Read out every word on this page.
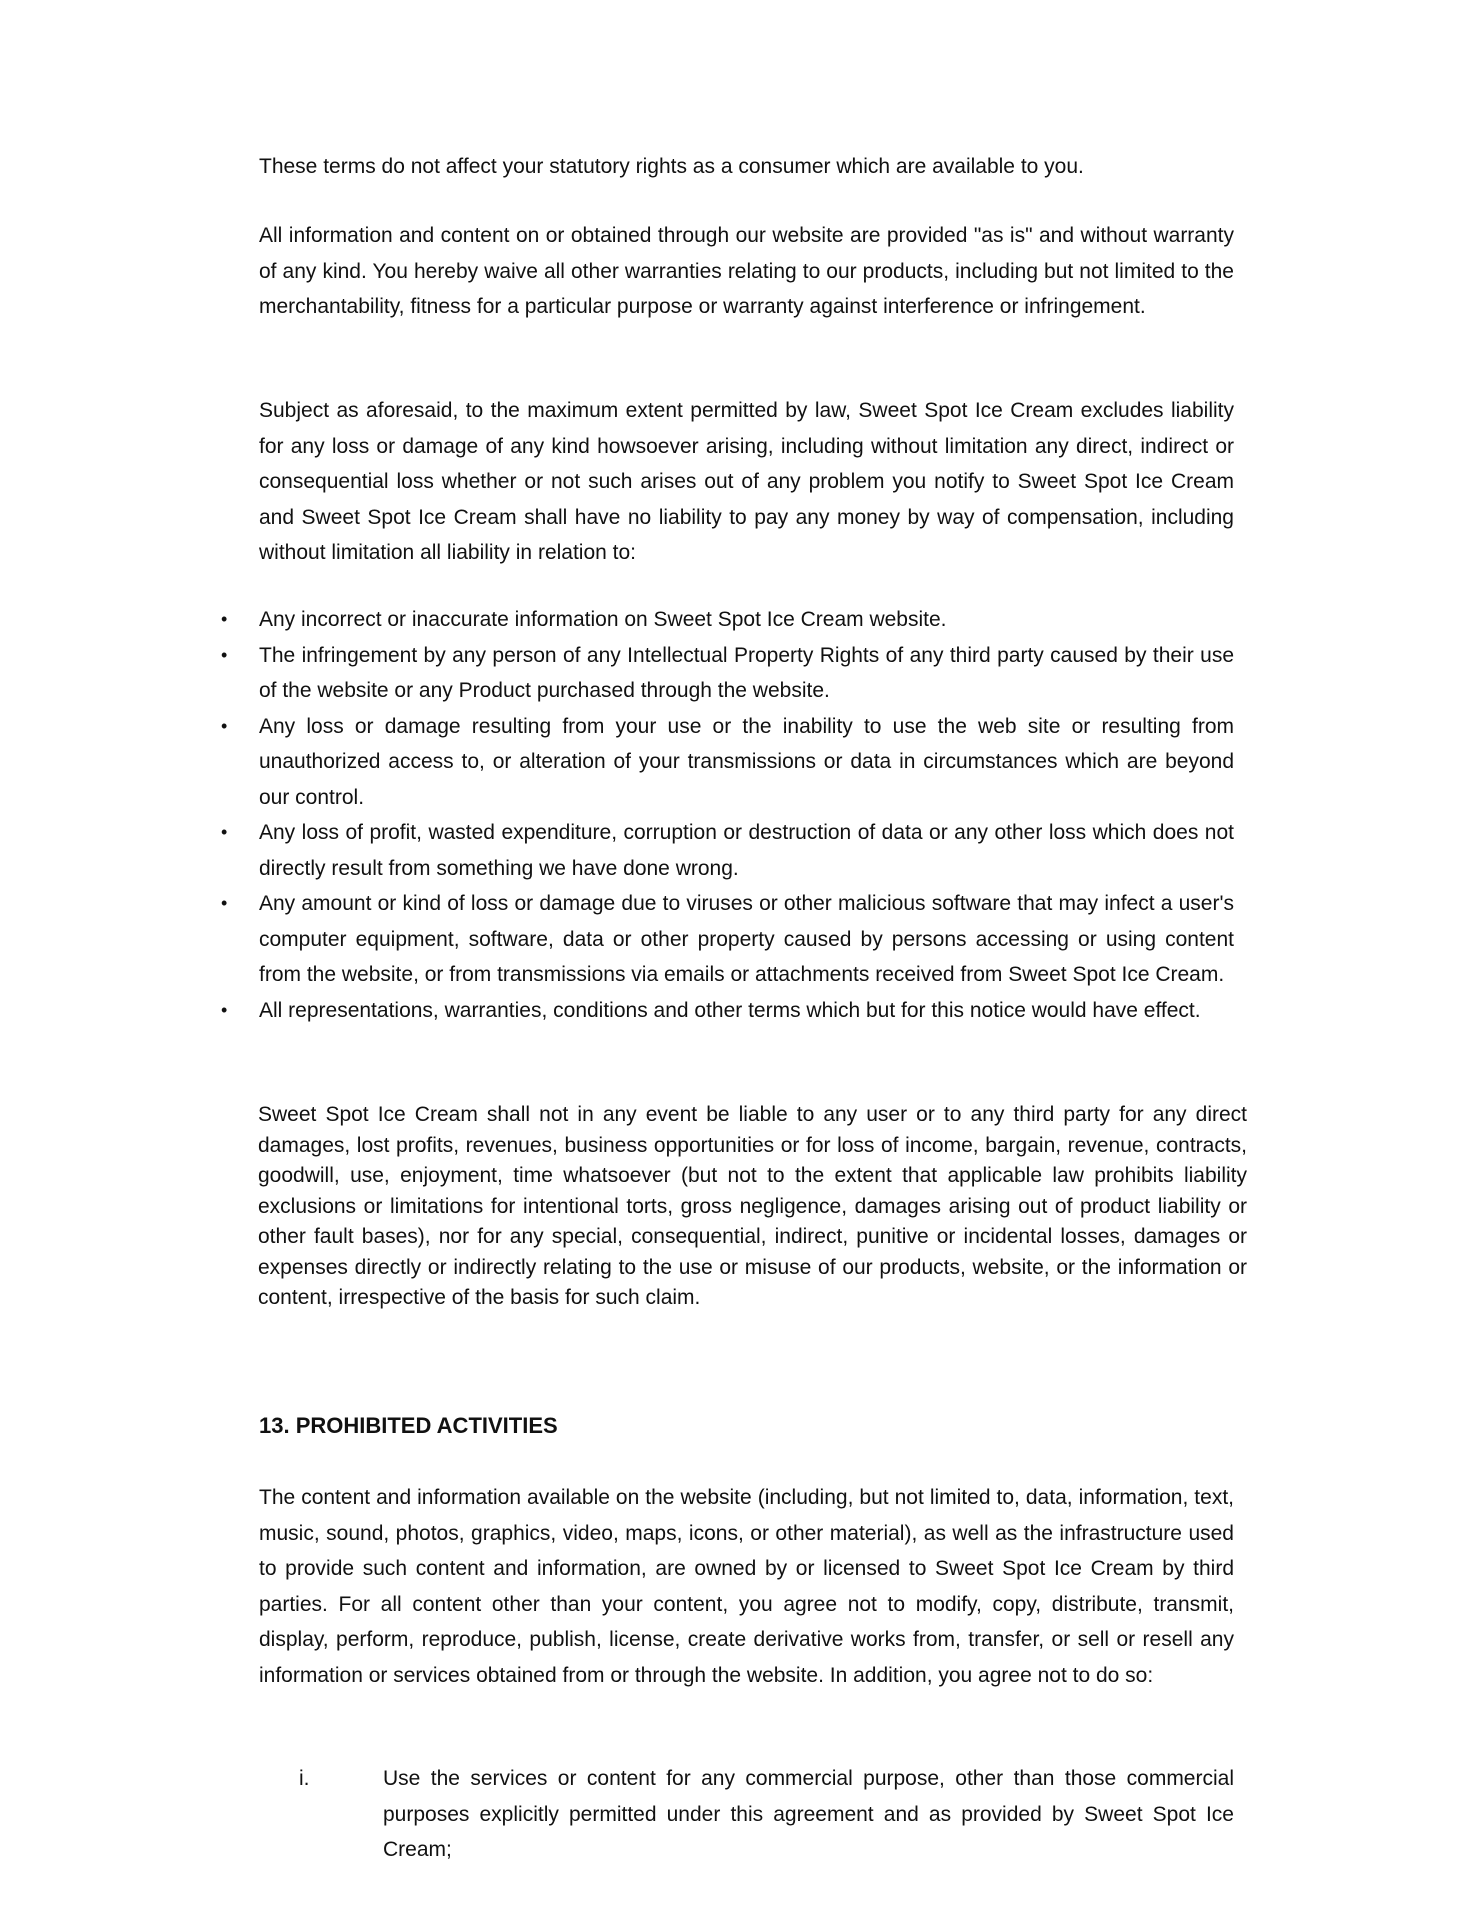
These terms do not affect your statutory rights as a consumer which are available to you.

All information and content on or obtained through our website are provided "as is" and without warranty of any kind. You hereby waive all other warranties relating to our products, including but not limited to the merchantability, fitness for a particular purpose or warranty against interference or infringement.

Subject as aforesaid, to the maximum extent permitted by law, Sweet Spot Ice Cream excludes liability for any loss or damage of any kind howsoever arising, including without limitation any direct, indirect or consequential loss whether or not such arises out of any problem you notify to Sweet Spot Ice Cream and Sweet Spot Ice Cream shall have no liability to pay any money by way of compensation, including without limitation all liability in relation to:

• Any incorrect or inaccurate information on Sweet Spot Ice Cream website.
• The infringement by any person of any Intellectual Property Rights of any third party caused by their use of the website or any Product purchased through the website.
• Any loss or damage resulting from your use or the inability to use the web site or resulting from unauthorized access to, or alteration of your transmissions or data in circumstances which are beyond our control.
• Any loss of profit, wasted expenditure, corruption or destruction of data or any other loss which does not directly result from something we have done wrong.
• Any amount or kind of loss or damage due to viruses or other malicious software that may infect a user's computer equipment, software, data or other property caused by persons accessing or using content from the website, or from transmissions via emails or attachments received from Sweet Spot Ice Cream.
• All representations, warranties, conditions and other terms which but for this notice would have effect.

Sweet Spot Ice Cream shall not in any event be liable to any user or to any third party for any direct damages, lost profits, revenues, business opportunities or for loss of income, bargain, revenue, contracts, goodwill, use, enjoyment, time whatsoever (but not to the extent that applicable law prohibits liability exclusions or limitations for intentional torts, gross negligence, damages arising out of product liability or other fault bases), nor for any special, consequential, indirect, punitive or incidental losses, damages or expenses directly or indirectly relating to the use or misuse of our products, website, or the information or content, irrespective of the basis for such claim.

13. PROHIBITED ACTIVITIES

The content and information available on the website (including, but not limited to, data, information, text, music, sound, photos, graphics, video, maps, icons, or other material), as well as the infrastructure used to provide such content and information, are owned by or licensed to Sweet Spot Ice Cream by third parties. For all content other than your content, you agree not to modify, copy, distribute, transmit, display, perform, reproduce, publish, license, create derivative works from, transfer, or sell or resell any information or services obtained from or through the website. In addition, you agree not to do so:

i.	Use the services or content for any commercial purpose, other than those commercial purposes explicitly permitted under this agreement and as provided by Sweet Spot Ice Cream;
